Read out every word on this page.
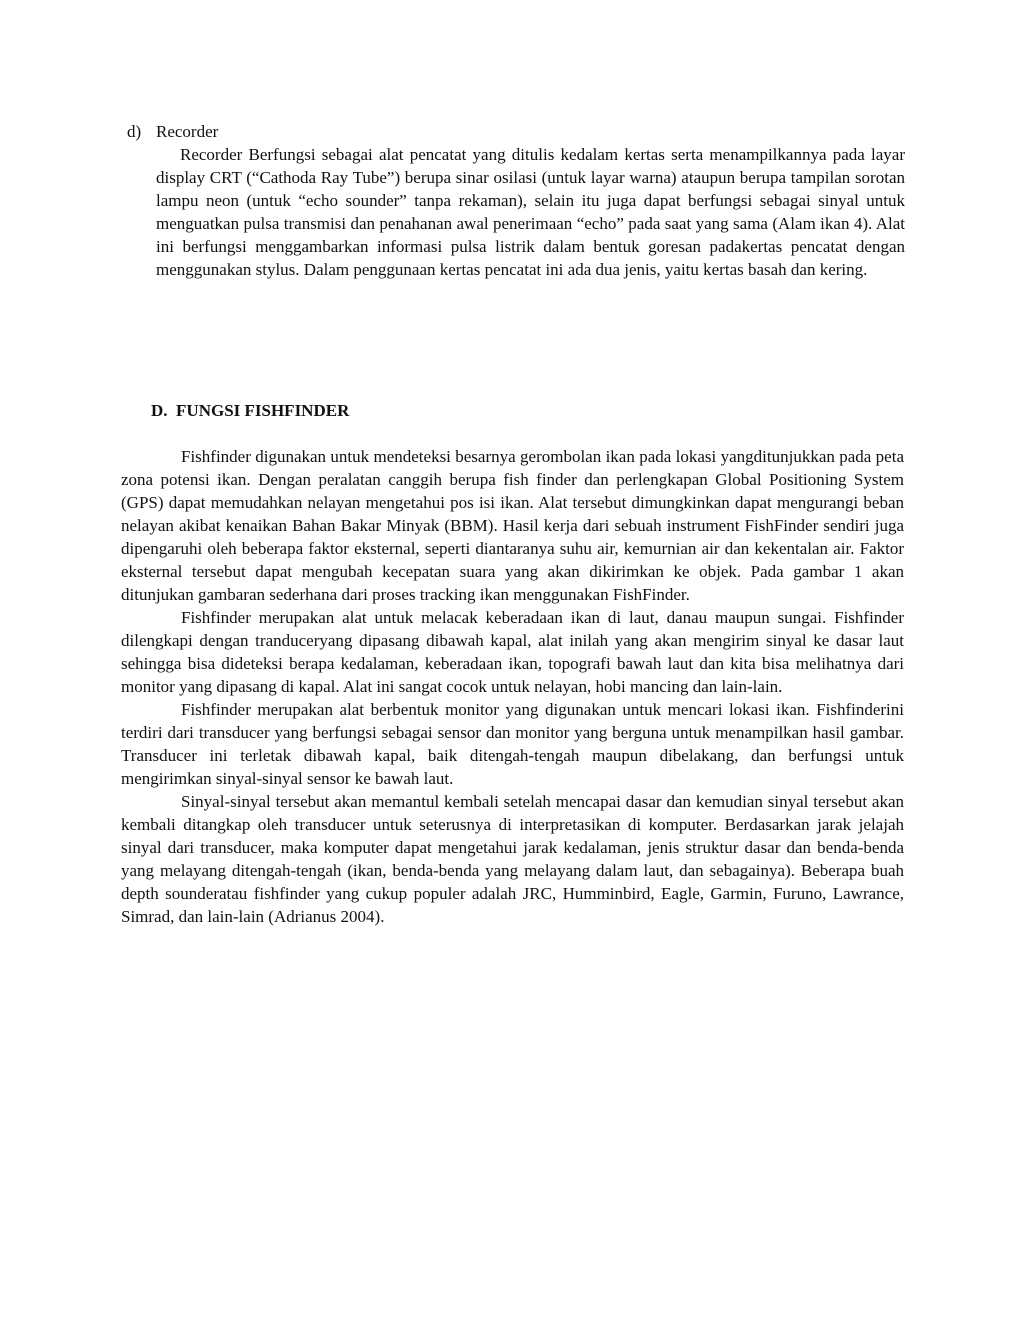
d) Recorder

Recorder Berfungsi sebagai alat pencatat yang ditulis kedalam kertas serta menampilkannya pada layar display CRT (“Cathoda Ray Tube”) berupa sinar osilasi (untuk layar warna) ataupun berupa tampilan sorotan lampu neon (untuk “echo sounder” tanpa rekaman), selain itu juga dapat berfungsi sebagai sinyal untuk menguatkan pulsa transmisi dan penahanan awal penerimaan “echo” pada saat yang sama (Alam ikan 4). Alat ini berfungsi menggambarkan informasi pulsa listrik dalam bentuk goresan padakertas pencatat dengan menggunakan stylus. Dalam penggunaan kertas pencatat ini ada dua jenis, yaitu kertas basah dan kering.

D.  FUNGSI FISHFINDER

Fishfinder digunakan untuk mendeteksi besarnya gerombolan ikan pada lokasi yangditunjukkan pada peta zona potensi ikan. Dengan peralatan canggih berupa fish finder dan perlengkapan Global Positioning System (GPS) dapat memudahkan nelayan mengetahui pos isi ikan. Alat tersebut dimungkinkan dapat mengurangi beban nelayan akibat kenaikan Bahan Bakar Minyak (BBM). Hasil kerja dari sebuah instrument FishFinder sendiri juga dipengaruhi oleh beberapa faktor eksternal, seperti diantaranya suhu air, kemurnian air dan kekentalan air. Faktor eksternal tersebut dapat mengubah kecepatan suara yang akan dikirimkan ke objek. Pada gambar 1 akan ditunjukan gambaran sederhana dari proses tracking ikan menggunakan FishFinder.

Fishfinder merupakan alat untuk melacak keberadaan ikan di laut, danau maupun sungai. Fishfinder dilengkapi dengan tranduceryang dipasang dibawah kapal, alat inilah yang akan mengirim sinyal ke dasar laut sehingga bisa dideteksi berapa kedalaman, keberadaan ikan, topografi bawah laut dan kita bisa melihatnya dari monitor yang dipasang di kapal. Alat ini sangat cocok untuk nelayan, hobi mancing dan lain-lain.

Fishfinder merupakan alat berbentuk monitor yang digunakan untuk mencari lokasi ikan. Fishfinderini terdiri dari transducer yang berfungsi sebagai sensor dan monitor yang berguna untuk menampilkan hasil gambar. Transducer ini terletak dibawah kapal, baik ditengah-tengah maupun dibelakang, dan berfungsi untuk mengirimkan sinyal-sinyal sensor ke bawah laut.

Sinyal-sinyal tersebut akan memantul kembali setelah mencapai dasar dan kemudian sinyal tersebut akan kembali ditangkap oleh transducer untuk seterusnya di interpretasikan di komputer. Berdasarkan jarak jelajah sinyal dari transducer, maka komputer dapat mengetahui jarak kedalaman, jenis struktur dasar dan benda-benda yang melayang ditengah-tengah (ikan, benda-benda yang melayang dalam laut, dan sebagainya). Beberapa buah depth sounderatau fishfinder yang cukup populer adalah JRC, Humminbird, Eagle, Garmin, Furuno, Lawrance, Simrad, dan lain-lain (Adrianus 2004).
